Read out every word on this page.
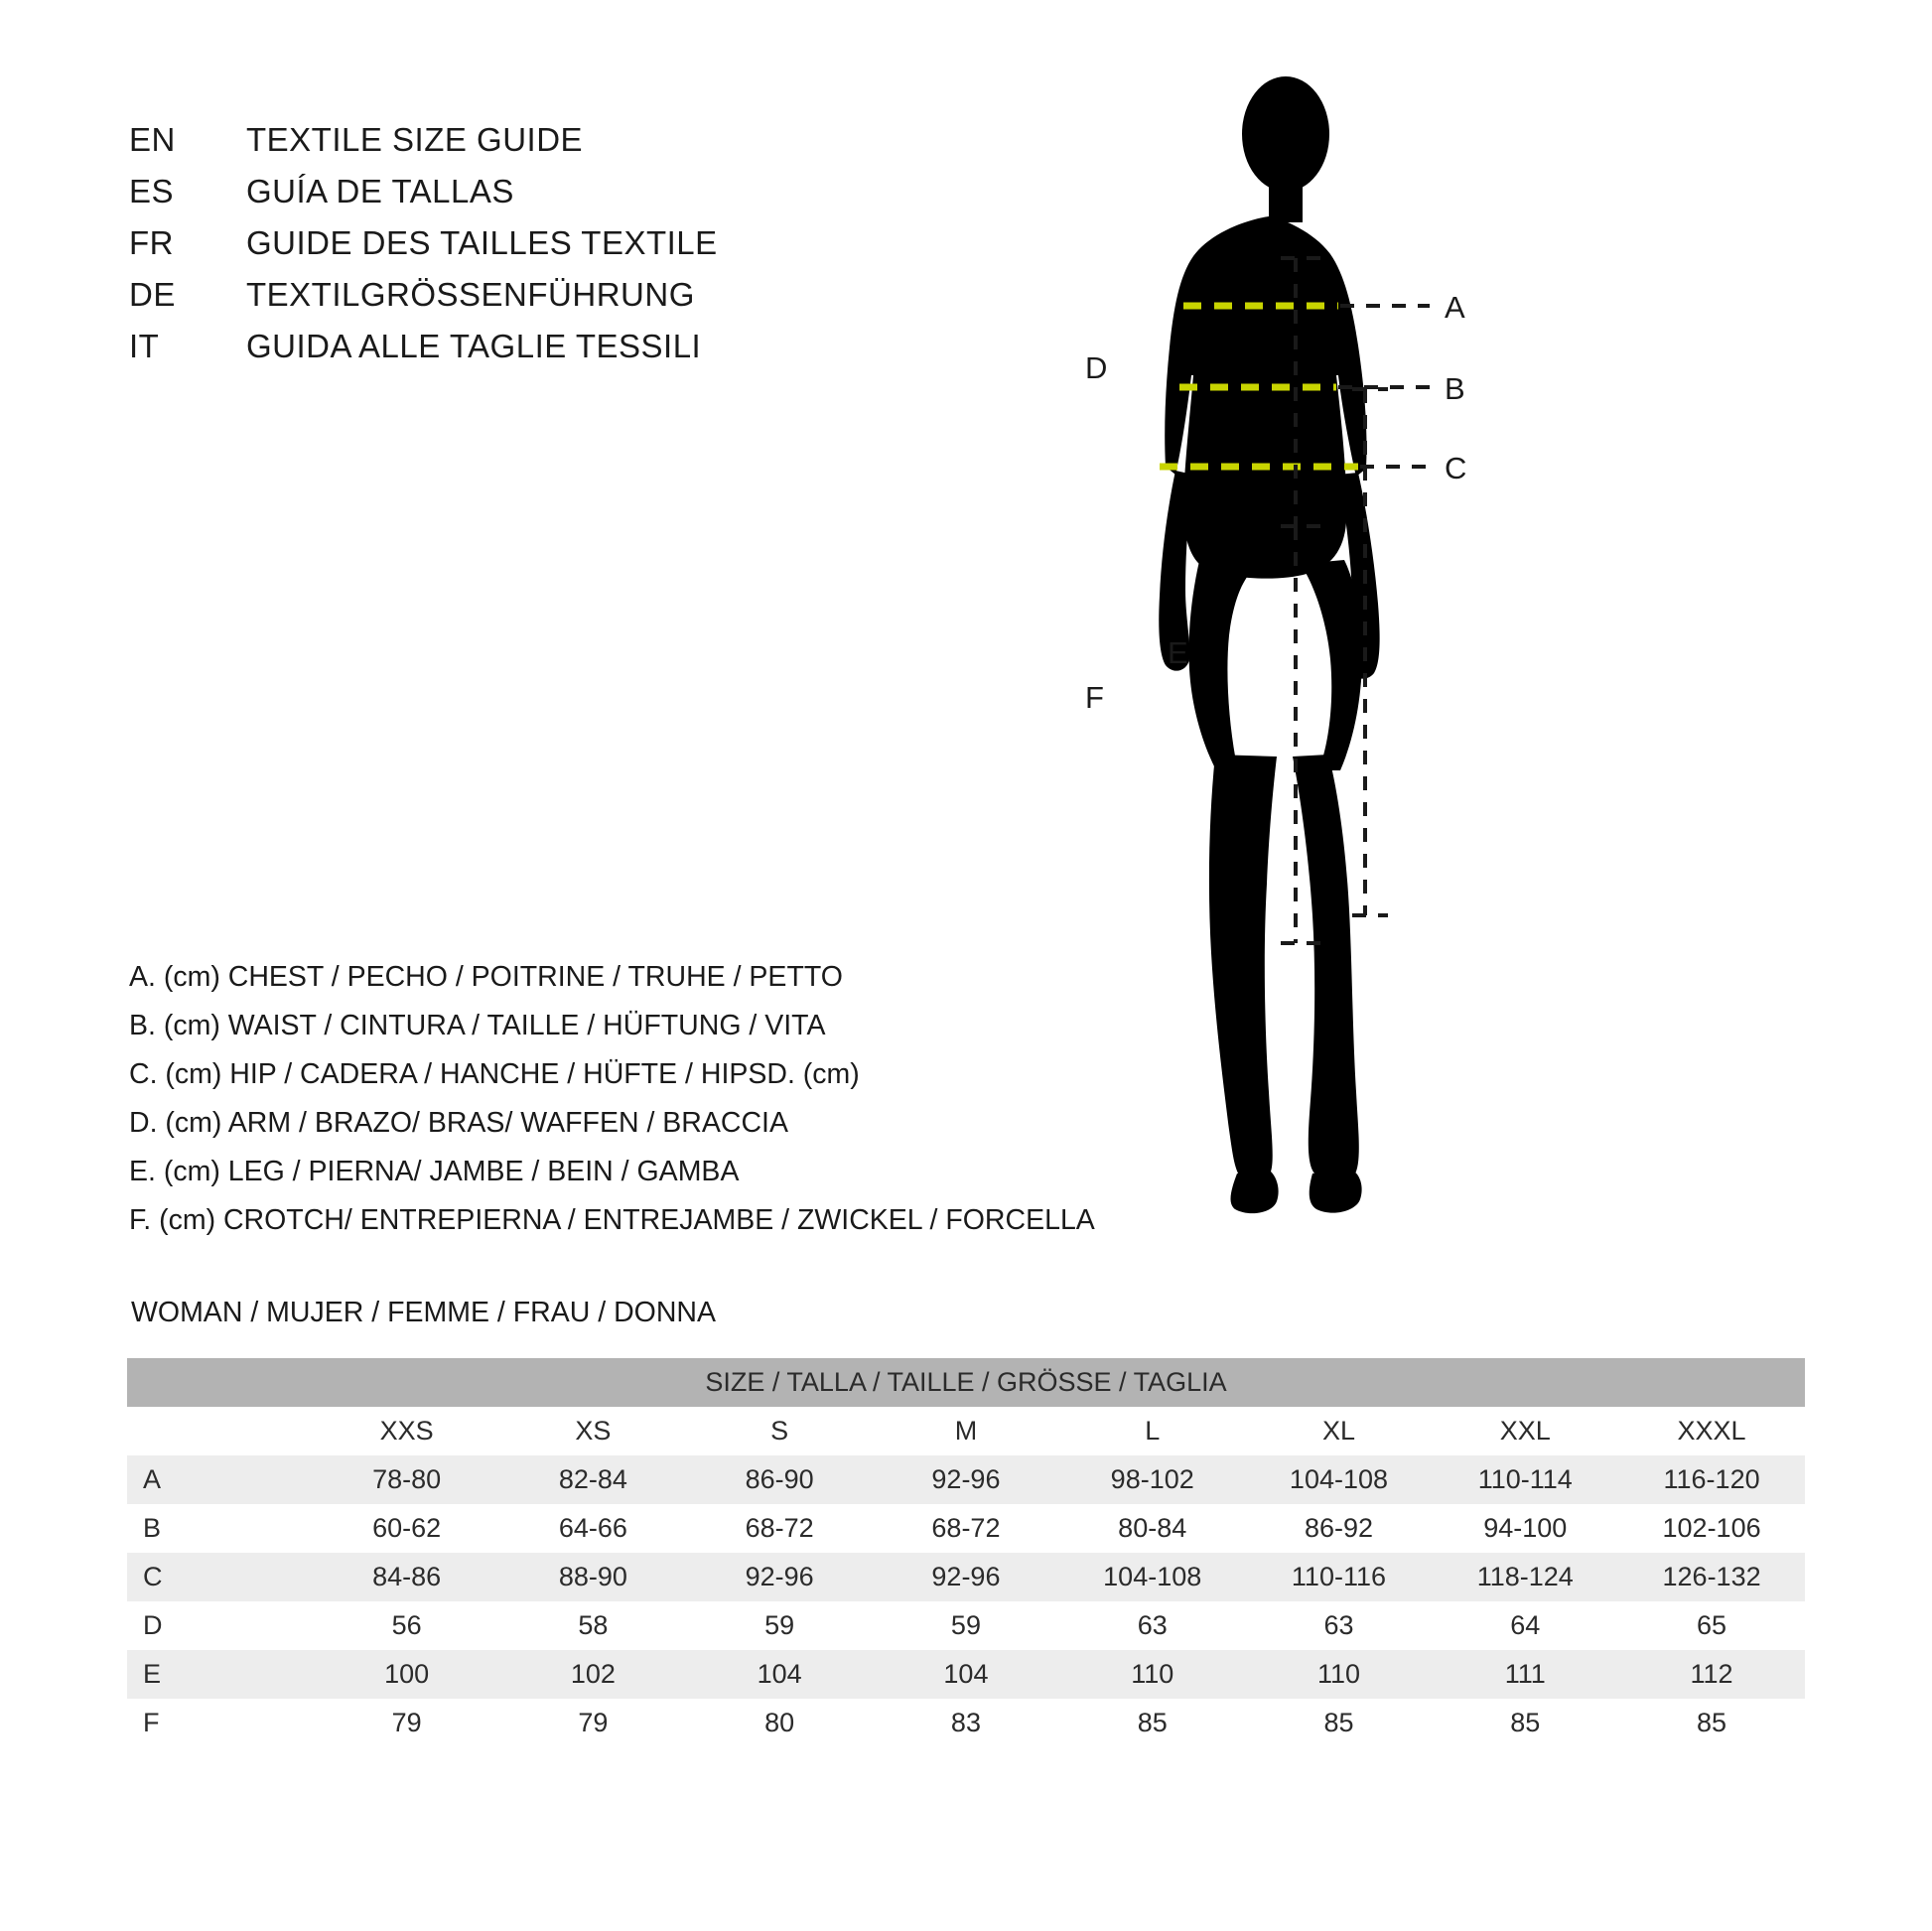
EN	TEXTILE SIZE GUIDE
ES	GUÍA DE TALLAS
FR	GUIDE DES TAILLES TEXTILE
DE	TEXTILGRÖSSENFÜHRUNG
IT	GUIDA ALLE TAGLIE TESSILI
A. (cm) CHEST / PECHO / POITRINE / TRUHE / PETTO
B. (cm) WAIST / CINTURA / TAILLE / HÜFTUNG / VITA
C. (cm) HIP / CADERA / HANCHE / HÜFTE / HIPSD. (cm)
D. (cm) ARM / BRAZO/ BRAS/ WAFFEN / BRACCIA
E. (cm) LEG / PIERNA/ JAMBE / BEIN / GAMBA
F. (cm) CROTCH/ ENTREPIERNA / ENTREJAMBE / ZWICKEL / FORCELLA
WOMAN / MUJER / FEMME / FRAU / DONNA
SIZE / TALLA / TAILLE / GRÖSSE / TAGLIA								
	XXS	XS	S	M	L	XL	XXL	XXXL
A	78-80	82-84	86-90	92-96	98-102	104-108	110-114	116-120
B	60-62	64-66	68-72	68-72	80-84	86-92	94-100	102-106
C	84-86	88-90	92-96	92-96	104-108	110-116	118-124	126-132
D	56	58	59	59	63	63	64	65
E	100	102	104	104	110	110	111	112
F	79	79	80	83	85	85	85	85
A
B
C
D
E
F
